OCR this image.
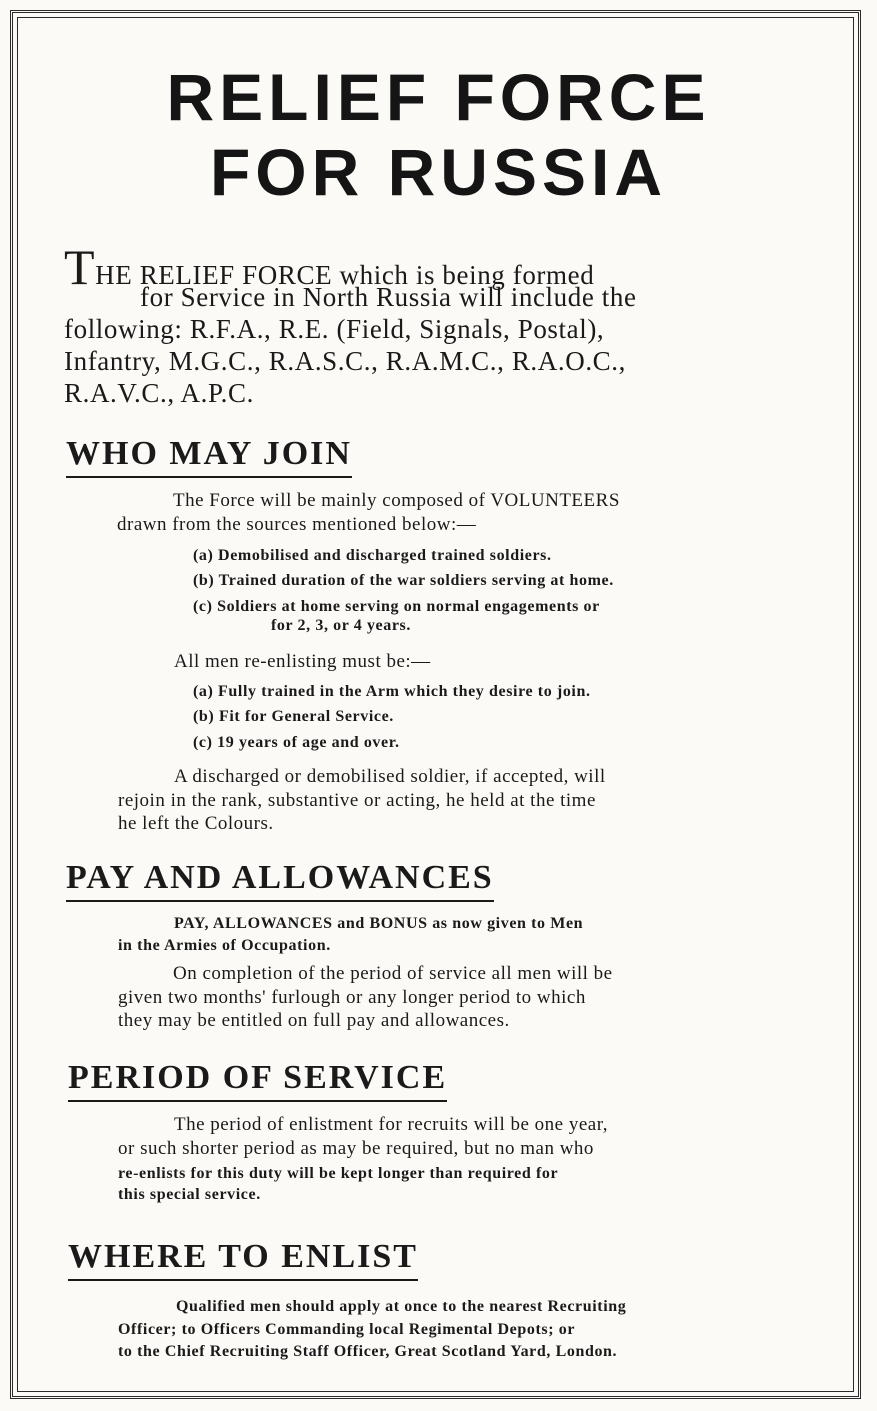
RELIEF FORCE
FOR RUSSIA
THE RELIEF FORCE which is being formed

for Service in North Russia will include the

following: R.F.A., R.E. (Field, Signals, Postal),

Infantry, M.G.C., R.A.S.C., R.A.M.C., R.A.O.C.,

R.A.V.C., A.P.C.

WHO MAY JOIN

The Force will be mainly composed of VOLUNTEERS

drawn from the sources mentioned below:—

(a) Demobilised and discharged trained soldiers.

(b) Trained duration of the war soldiers serving at home.

(c) Soldiers at home serving on normal engagements or

for 2, 3, or 4 years.

All men re-enlisting must be:—

(a) Fully trained in the Arm which they desire to join.

(b) Fit for General Service.

(c) 19 years of age and over.

A discharged or demobilised soldier, if accepted, will

rejoin in the rank, substantive or acting, he held at the time

he left the Colours.

PAY AND ALLOWANCES

PAY, ALLOWANCES and BONUS as now given to Men

in the Armies of Occupation.

On completion of the period of service all men will be

given two months' furlough or any longer period to which

they may be entitled on full pay and allowances.

PERIOD OF SERVICE

The period of enlistment for recruits will be one year,

or such shorter period as may be required, but no man who

re-enlists for this duty will be kept longer than required for

this special service.

WHERE TO ENLIST

Qualified men should apply at once to the nearest Recruiting

Officer; to Officers Commanding local Regimental Depots; or

to the Chief Recruiting Staff Officer, Great Scotland Yard, London.
